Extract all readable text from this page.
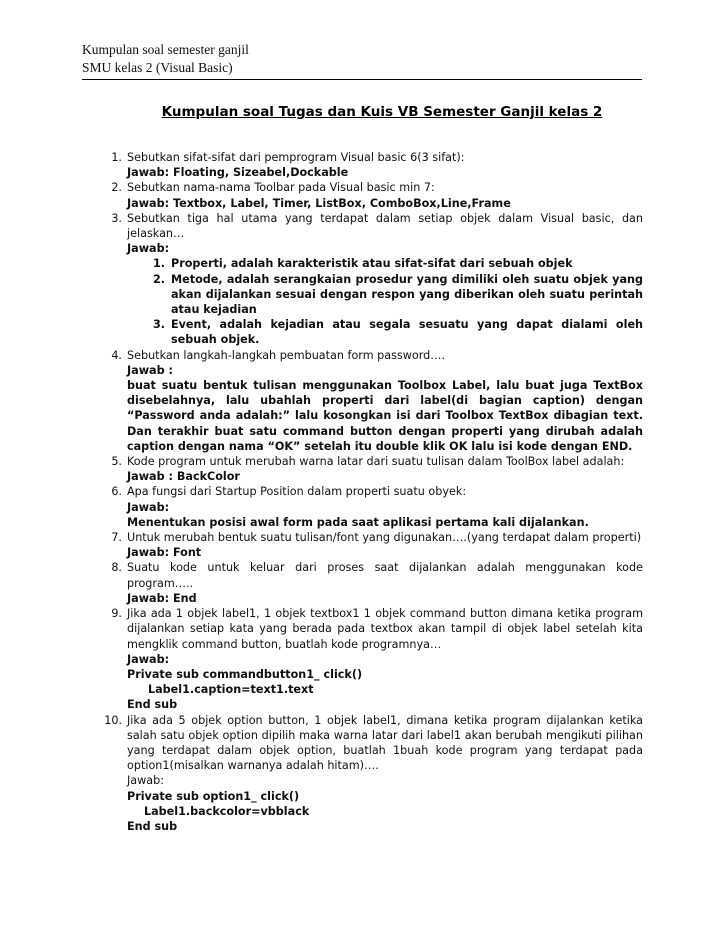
Kumpulan soal semester ganjil
SMU kelas 2 (Visual Basic)
Kumpulan soal Tugas dan Kuis VB Semester Ganjil kelas 2
1. Sebutkan sifat-sifat dari pemprogram Visual basic 6(3 sifat):

Jawab: Floating, Sizeabel,Dockable

2. Sebutkan nama-nama Toolbar pada Visual basic min 7:

Jawab: Textbox, Label, Timer, ListBox, ComboBox,Line,Frame

3. Sebutkan tiga hal utama yang terdapat dalam setiap objek dalam Visual basic, dan jelaskan…

Jawab:

1. Properti, adalah karakteristik atau sifat-sifat dari sebuah objek

2. Metode, adalah serangkaian prosedur yang dimiliki oleh suatu objek yang akan dijalankan sesuai dengan respon yang diberikan oleh suatu perintah atau kejadian

3. Event, adalah kejadian atau segala sesuatu yang dapat dialami oleh sebuah objek.

4. Sebutkan langkah-langkah pembuatan form password….

Jawab :

buat suatu bentuk tulisan menggunakan Toolbox Label, lalu buat juga TextBox disebelahnya, lalu ubahlah properti dari label(di bagian caption) dengan “Password anda adalah:” lalu kosongkan isi dari Toolbox TextBox dibagian text. Dan terakhir buat satu command button dengan properti yang dirubah adalah caption dengan nama “OK” setelah itu double klik OK lalu isi kode dengan END.

5. Kode program untuk merubah warna latar dari suatu tulisan dalam ToolBox label adalah:

Jawab : BackColor

6. Apa fungsi dari Startup Position dalam properti suatu obyek:

Jawab:

Menentukan posisi awal form pada saat aplikasi pertama kali dijalankan.

7. Untuk merubah bentuk suatu tulisan/font yang digunakan….(yang terdapat dalam properti)

Jawab: Font

8. Suatu kode untuk keluar dari proses saat dijalankan adalah menggunakan kode program…..

Jawab: End

9. Jika ada 1 objek label1, 1 objek textbox1 1 objek command button dimana ketika program dijalankan setiap kata yang berada pada textbox akan tampil di objek label setelah kita mengklik command button, buatlah kode programnya…

Jawab:

Private sub commandbutton1_ click()

Label1.caption=text1.text

End sub

10. Jika ada 5 objek option button, 1 objek label1, dimana ketika program dijalankan ketika salah satu objek option dipilih maka warna latar dari label1 akan berubah mengikuti pilihan yang terdapat dalam objek option, buatlah 1buah kode program yang terdapat pada option1(misalkan warnanya adalah hitam)….

Jawab:

Private sub option1_ click()

Label1.backcolor=vbblack

End sub
